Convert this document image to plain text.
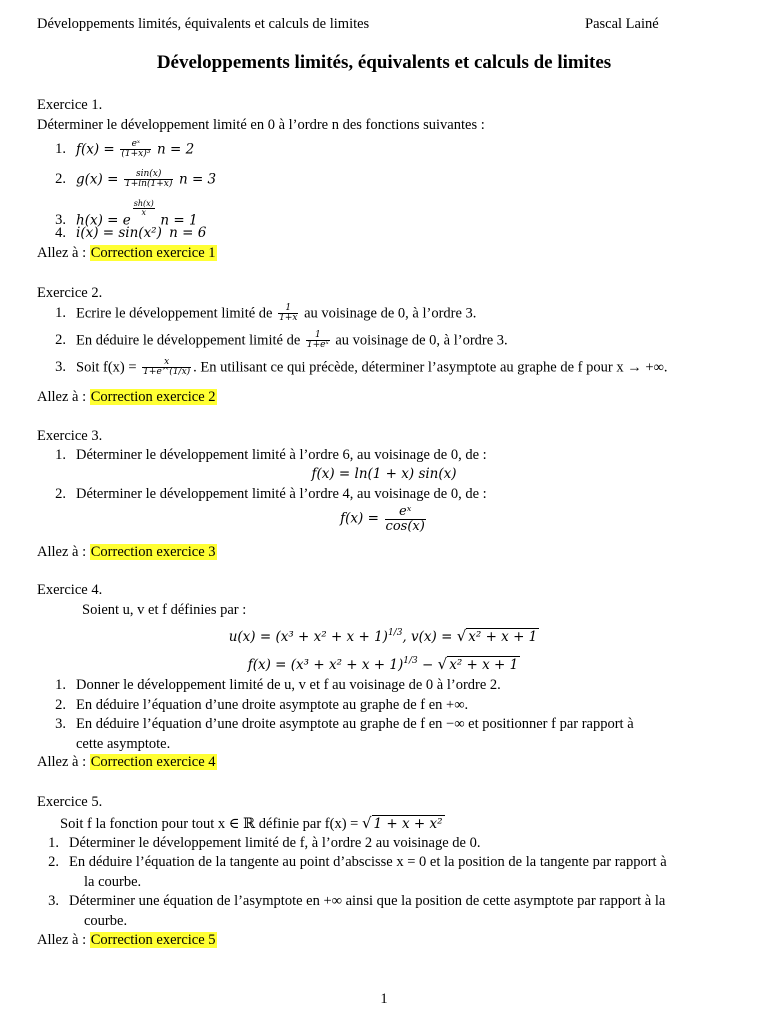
Développements limités, équivalents et calculs de limites	Pascal Lainé
Développements limités, équivalents et calculs de limites
Exercice 1.
Déterminer le développement limité en 0 à l’ordre n des fonctions suivantes :
1. $f(x) = \frac{\text{eˣ}}{\text{(1+x)³}}$ n = 2
2. $g(x) = \frac{\sin(x)}{1+\ln(1+x)}$ n = 3
3. h(x) = e
$\frac{sh(x)}{x}$
n = 1
4. i(x) = sin(x²) n = 6
Allez à : Correction exercice 1
Exercice 2.
1. Ecrire le développement limité de $\frac{1}{1+x}$ au voisinage de 0, à l’ordre 3.
2. En déduire le développement limité de $\frac{1}{\text{1+eˣ}}$ au voisinage de 0, à l’ordre 3.
3. Soit $f(x) = \frac{x}{1+e\^{}(1/x)}$ . En utilisant ce qui précède, déterminer l’asymptote au graphe de f pour x → +∞.
Allez à : Correction exercice 2
Exercice 3.
1. Déterminer le développement limité à l’ordre 6, au voisinage de 0, de :
f(x) = ln(1 + x) sin(x)
2. Déterminer le développement limité à l’ordre 4, au voisinage de 0, de :
$f(x) = \frac{\text{eˣ}}{\cos(x)}$
Allez à : Correction exercice 3
Exercice 4.
Soient u, v et f définies par :
$u(x) = (x^3 + x^2 + x + 1)^{1/3}$, v(x) = √ x² + x + 1
$f(x) = (x^3 + x^2 + x + 1)^{1/3}$ − √ x² + x + 1
1. Donner le développement limité de u, v et f au voisinage de 0 à l’ordre 2.
2. En déduire l’équation d’une droite asymptote au graphe de f en +∞.
3. En déduire l’équation d’une droite asymptote au graphe de f en −∞ et positionner f par rapport à
cette asymptote.
Allez à : Correction exercice 4
Exercice 5.
Soit f la fonction pour tout x ∈ ℝ définie par f(x) = √ 1 + x + x²
1. Déterminer le développement limité de f, à l’ordre 2 au voisinage de 0.
2. En déduire l’équation de la tangente au point d’abscisse x = 0 et la position de la tangente par rapport à
la courbe.
3. Déterminer une équation de l’asymptote en +∞ ainsi que la position de cette asymptote par rapport à la
courbe.
Allez à : Correction exercice 5
1
